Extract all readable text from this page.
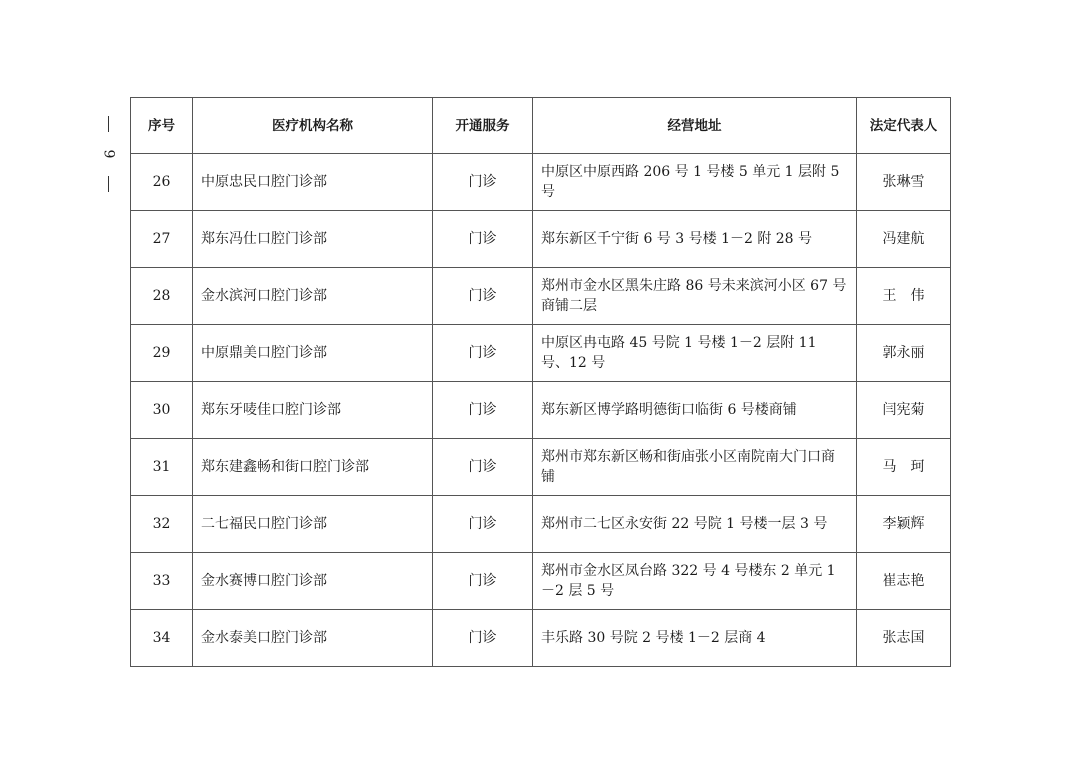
9
序号	医疗机构名称	开通服务	经营地址	法定代表人
26	中原忠民口腔门诊部	门诊	中原区中原西路 206 号 1 号楼 5 单元 1 层附 5 号	张琳雪
27	郑东冯仕口腔门诊部	门诊	郑东新区千宁街 6 号 3 号楼 1－2 附 28 号	冯建航
28	金水滨河口腔门诊部	门诊	郑州市金水区黑朱庄路 86 号未来滨河小区 67 号商铺二层	王　伟
29	中原鼎美口腔门诊部	门诊	中原区冉屯路 45 号院 1 号楼 1－2 层附 11 号、12 号	郭永丽
30	郑东牙唛佳口腔门诊部	门诊	郑东新区博学路明德街口临街 6 号楼商铺	闫宪菊
31	郑东建鑫畅和街口腔门诊部	门诊	郑州市郑东新区畅和街庙张小区南院南大门口商铺	马　珂
32	二七福民口腔门诊部	门诊	郑州市二七区永安街 22 号院 1 号楼一层 3 号	李颖辉
33	金水赛博口腔门诊部	门诊	郑州市金水区凤台路 322 号 4 号楼东 2 单元 1－2 层 5 号	崔志艳
34	金水泰美口腔门诊部	门诊	丰乐路 30 号院 2 号楼 1－2 层商 4	张志国
